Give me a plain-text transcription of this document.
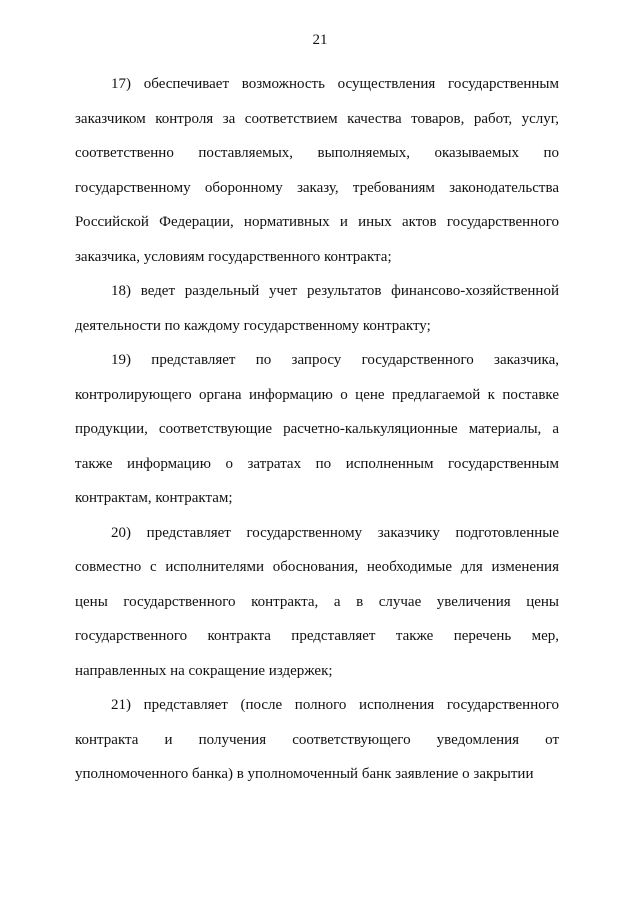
21

17) обеспечивает возможность осуществления государственным заказчиком контроля за соответствием качества товаров, работ, услуг, соответственно поставляемых, выполняемых, оказываемых по государственному оборонному заказу, требованиям законодательства Российской Федерации, нормативных и иных актов государственного заказчика, условиям государственного контракта;

18) ведет раздельный учет результатов финансово-хозяйственной деятельности по каждому государственному контракту;

19) представляет по запросу государственного заказчика, контролирующего органа информацию о цене предлагаемой к поставке продукции, соответствующие расчетно-калькуляционные материалы, а также информацию о затратах по исполненным государственным контрактам, контрактам;

20) представляет государственному заказчику подготовленные совместно с исполнителями обоснования, необходимые для изменения цены государственного контракта, а в случае увеличения цены государственного контракта представляет также перечень мер, направленных на сокращение издержек;

21) представляет (после полного исполнения государственного контракта и получения соответствующего уведомления от уполномоченного банка) в уполномоченный банк заявление о закрытии
